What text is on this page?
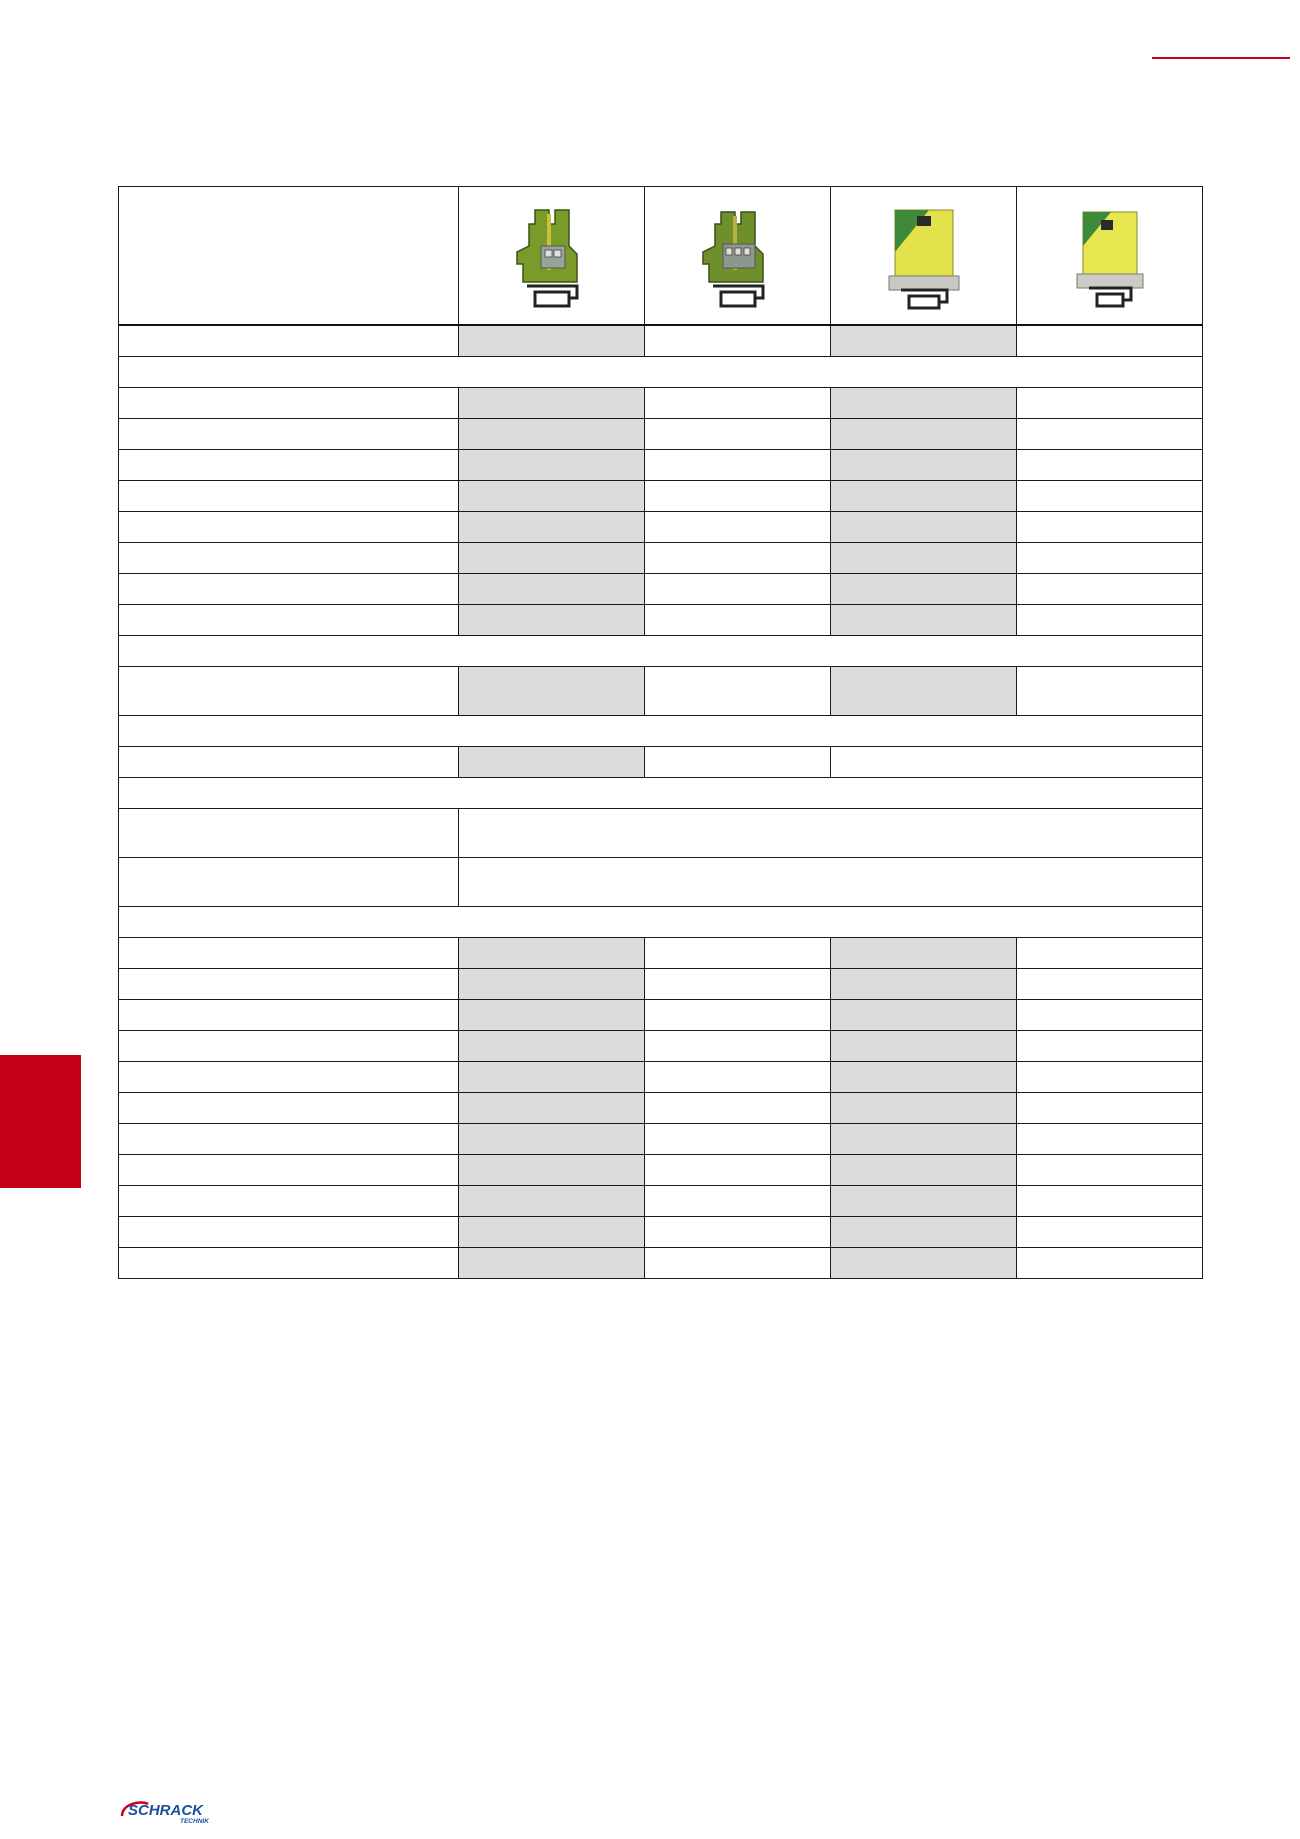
SCHRACK
TECHNIK
